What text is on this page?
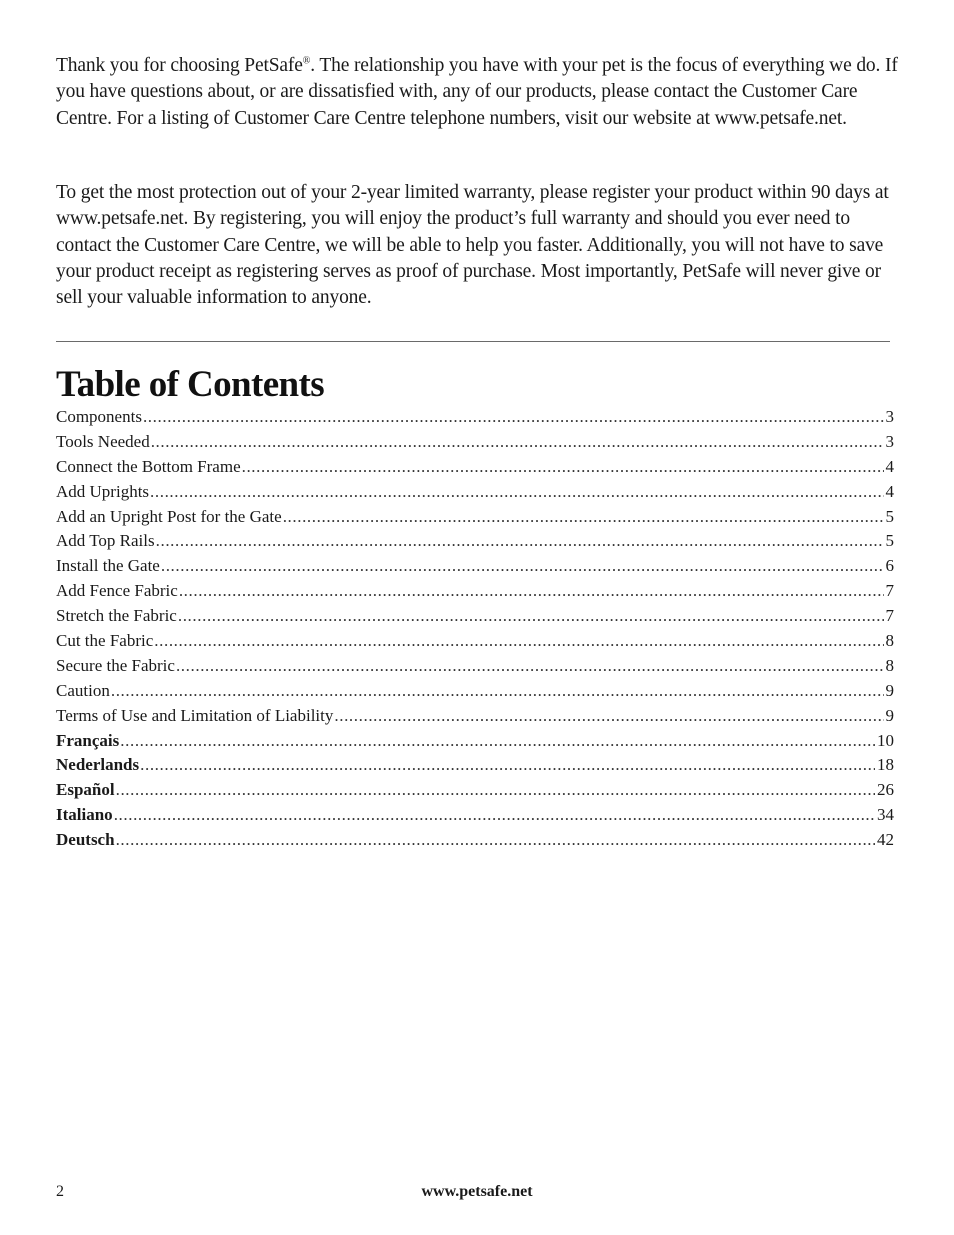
Thank you for choosing PetSafe®. The relationship you have with your pet is the focus of everything we do. If you have questions about, or are dissatisfied with, any of our products, please contact the Customer Care Centre. For a listing of Customer Care Centre telephone numbers, visit our website at www.petsafe.net.

To get the most protection out of your 2-year limited warranty, please register your product within 90 days at www.petsafe.net. By registering, you will enjoy the product’s full warranty and should you ever need to contact the Customer Care Centre, we will be able to help you faster. Additionally, you will not have to save your product receipt as registering serves as proof of purchase. Most importantly, PetSafe will never give or sell your valuable information to anyone.

Table of Contents
Components .....	3
Tools Needed .....	3
Connect the Bottom Frame .....	4
Add Uprights .....	4
Add an Upright Post for the Gate .....	5
Add Top Rails .....	5
Install the Gate .....	6
Add Fence Fabric .....	7
Stretch the Fabric .....	7
Cut the Fabric .....	8
Secure the Fabric .....	8
Caution .....	9
Terms of Use and Limitation of Liability .....	9
Français .....	10
Nederlands .....	18
Español .....	26
Italiano .....	34
Deutsch .....	42
2	www.petsafe.net
